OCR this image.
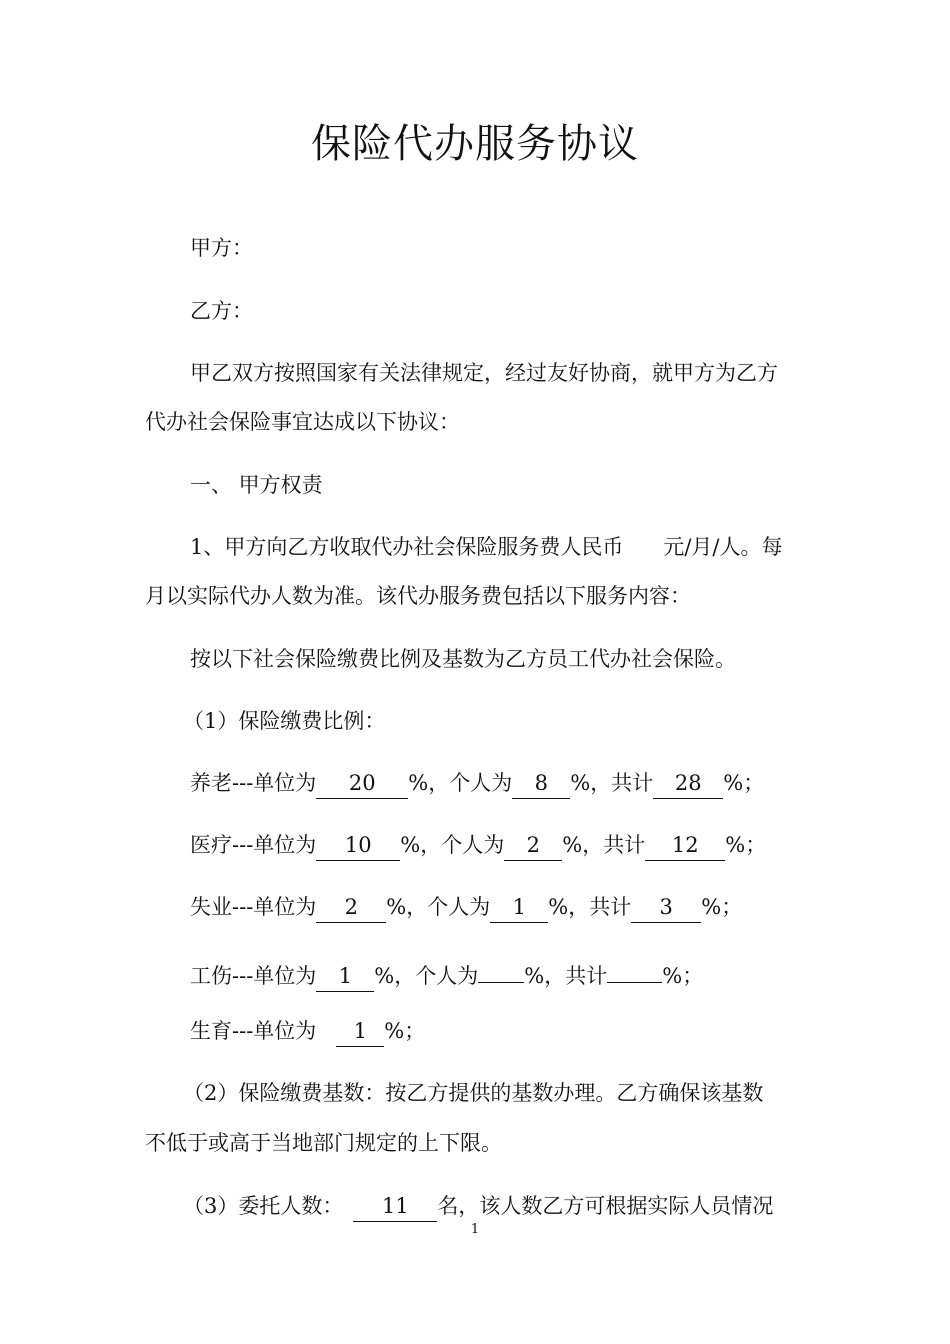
保险代办服务协议
甲方：
乙方：
甲乙双方按照国家有关法律规定，经过友好协商，就甲方为乙方
代办社会保险事宜达成以下协议：
一、 甲方权责
1、甲方向乙方收取代办社会保险服务费人民币 元/月/人。每
月以实际代办人数为准。该代办服务费包括以下服务内容：
按以下社会保险缴费比例及基数为乙方员工代办社会保险。
（1）保险缴费比例：
养老---单位为 20 %，个人为 8 %，共计 28 %；
医疗---单位为 10 %，个人为 2 %，共计 12 %；
失业---单位为 2 %，个人为 1 %，共计 3 %；
工伤---单位为 1 %，个人为 %，共计	%；
生育---单位为 1 %；
（2）保险缴费基数：按乙方提供的基数办理。乙方确保该基数
不低于或高于当地部门规定的上下限。
（3）委托人数： 11 名，该人数乙方可根据实际人员情况
1
